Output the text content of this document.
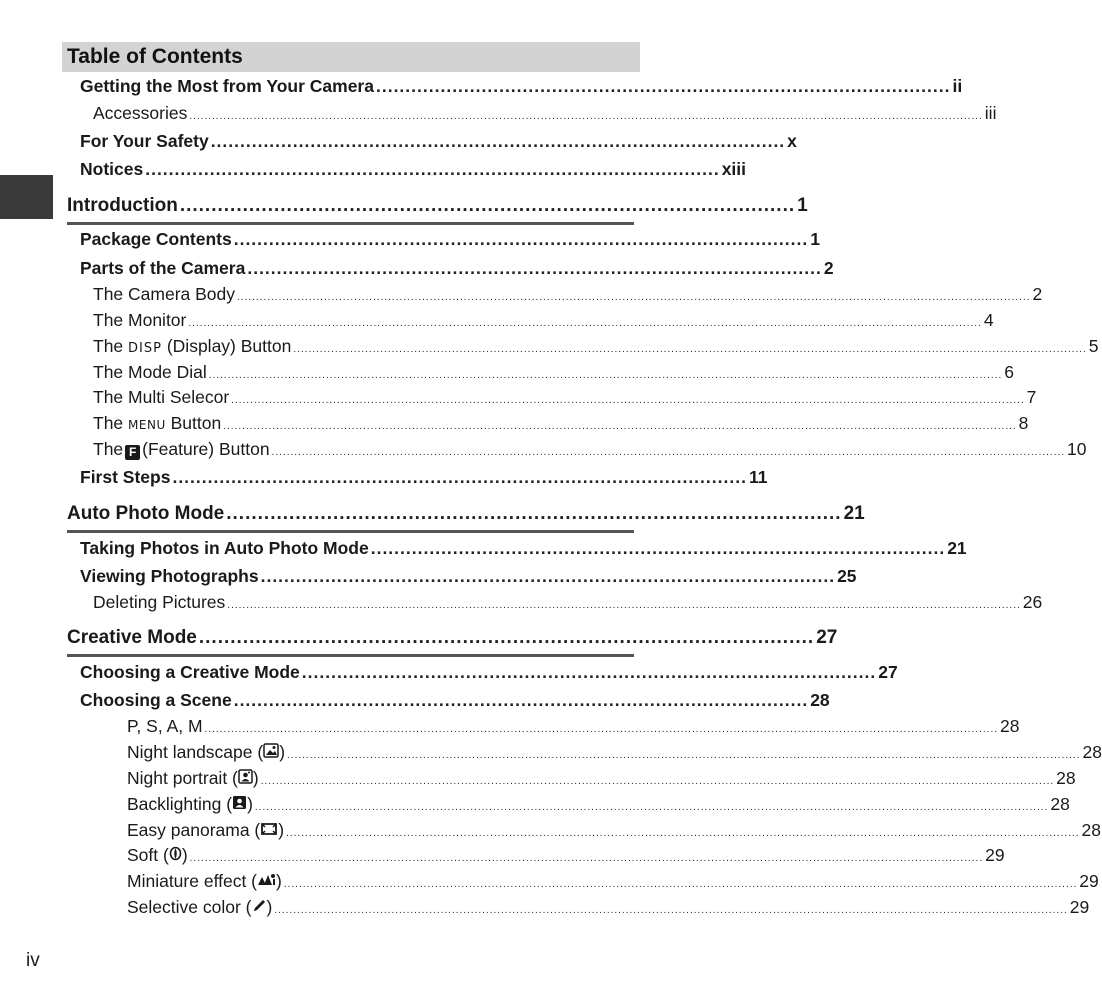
Table of Contents
Getting the Most from Your Camera .................................................................................................. ii
Accessories .................................................................................................................................................................................................................. iii
For Your Safety .................................................................................................. x
Notices .................................................................................................. xiii
Introduction .................................................................................................. 1
Package Contents .................................................................................................. 1
Parts of the Camera .................................................................................................. 2
The Camera Body .................................................................................................................................................................................................................. 2
The Monitor .................................................................................................................................................................................................................. 4
The DISP (Display) Button .................................................................................................................................................................................................................. 5
The Mode Dial .................................................................................................................................................................................................................. 6
The Multi Selecor .................................................................................................................................................................................................................. 7
The MENU Button .................................................................................................................................................................................................................. 8
The F (Feature) Button .................................................................................................................................................................................................................. 10
First Steps .................................................................................................. 11
Auto Photo Mode .................................................................................................. 21
Taking Photos in Auto Photo Mode .................................................................................................. 21
Viewing Photographs .................................................................................................. 25
Deleting Pictures .................................................................................................................................................................................................................. 26
Creative Mode .................................................................................................. 27
Choosing a Creative Mode .................................................................................................. 27
Choosing a Scene .................................................................................................. 28
P, S, A, M .................................................................................................................................................................................................................. 28
Night landscape ( ) .................................................................................................................................................................................................................. 28
Night portrait ( ) .................................................................................................................................................................................................................. 28
Backlighting ( ) .................................................................................................................................................................................................................. 28
Easy panorama ( ) .................................................................................................................................................................................................................. 28
Soft ( ) .................................................................................................................................................................................................................. 29
Miniature effect ( ) .................................................................................................................................................................................................................. 29
Selective color ( ) .................................................................................................................................................................................................................. 29
iv
